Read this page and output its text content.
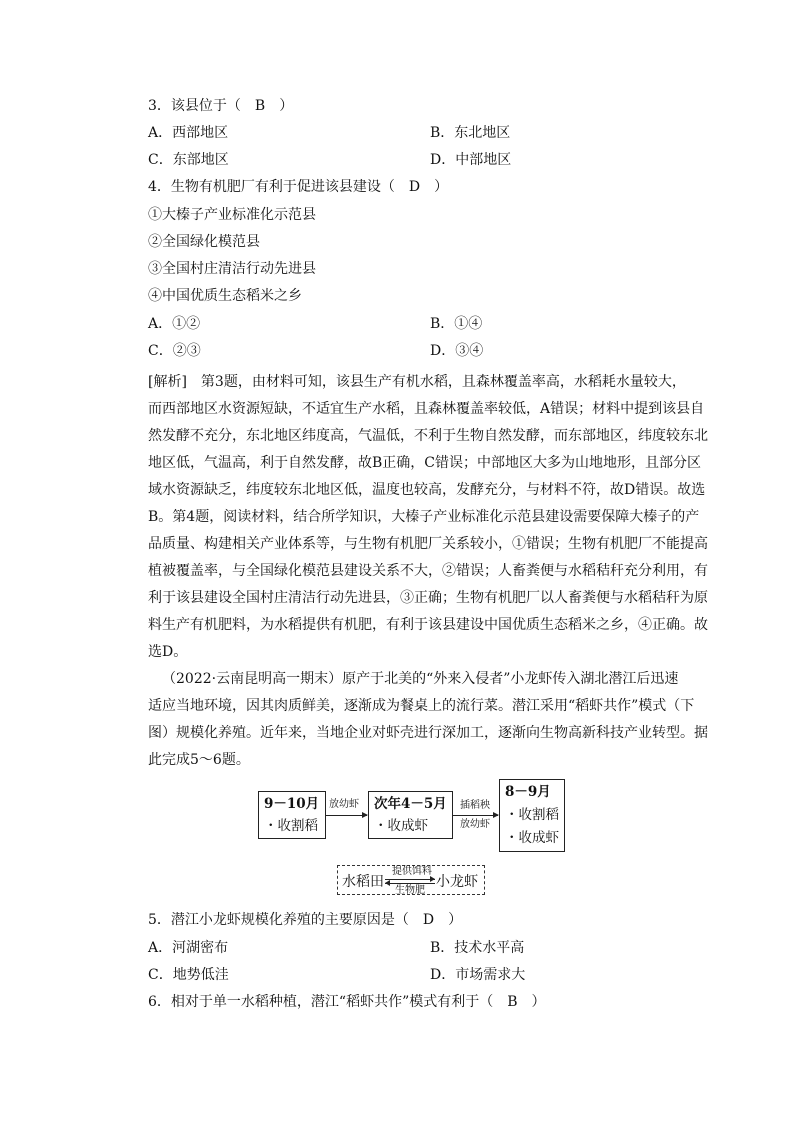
3．该县位于（　B　）
A．西部地区	B．东北地区
C．东部地区	D．中部地区
4．生物有机肥厂有利于促进该县建设（　D　）
①大榛子产业标准化示范县
②全国绿化模范县
③全国村庄清洁行动先进县
④中国优质生态稻米之乡
A．①②	B．①④
C．②③	D．③④
[解析]　第3题，由材料可知，该县生产有机水稻，且森林覆盖率高，水稻耗水量较大，
而西部地区水资源短缺，不适宜生产水稻，且森林覆盖率较低，A错误；材料中提到该县自
然发酵不充分，东北地区纬度高，气温低，不利于生物自然发酵，而东部地区，纬度较东北
地区低，气温高，利于自然发酵，故B正确，C错误；中部地区大多为山地地形，且部分区
域水资源缺乏，纬度较东北地区低，温度也较高，发酵充分，与材料不符，故D错误。故选
B。第4题，阅读材料，结合所学知识，大榛子产业标准化示范县建设需要保障大榛子的产
品质量、构建相关产业体系等，与生物有机肥厂关系较小，①错误；生物有机肥厂不能提高
植被覆盖率，与全国绿化模范县建设关系不大，②错误；人畜粪便与水稻秸秆充分利用，有
利于该县建设全国村庄清洁行动先进县，③正确；生物有机肥厂以人畜粪便与水稻秸秆为原
料生产有机肥料，为水稻提供有机肥，有利于该县建设中国优质生态稻米之乡，④正确。故
选D。
（2022·云南昆明高一期末）原产于北美的“外来入侵者”小龙虾传入湖北潜江后迅速
适应当地环境，因其肉质鲜美，逐渐成为餐桌上的流行菜。潜江采用“稻虾共作”模式（下
图）规模化养殖。近年来，当地企业对虾壳进行深加工，逐渐向生物高新科技产业转型。据
此完成5～6题。
9－10月
・收割稻
放幼虾 次年4－5月
・收成虾
插稻秧
放幼虾
8－9月
・收割稻
・收成虾
水稻田
提供饵料
生物肥
小龙虾
5．潜江小龙虾规模化养殖的主要原因是（　D　）
A．河湖密布	B．技术水平高
C．地势低洼	D．市场需求大
6．相对于单一水稻种植，潜江“稻虾共作”模式有利于（　B　）
